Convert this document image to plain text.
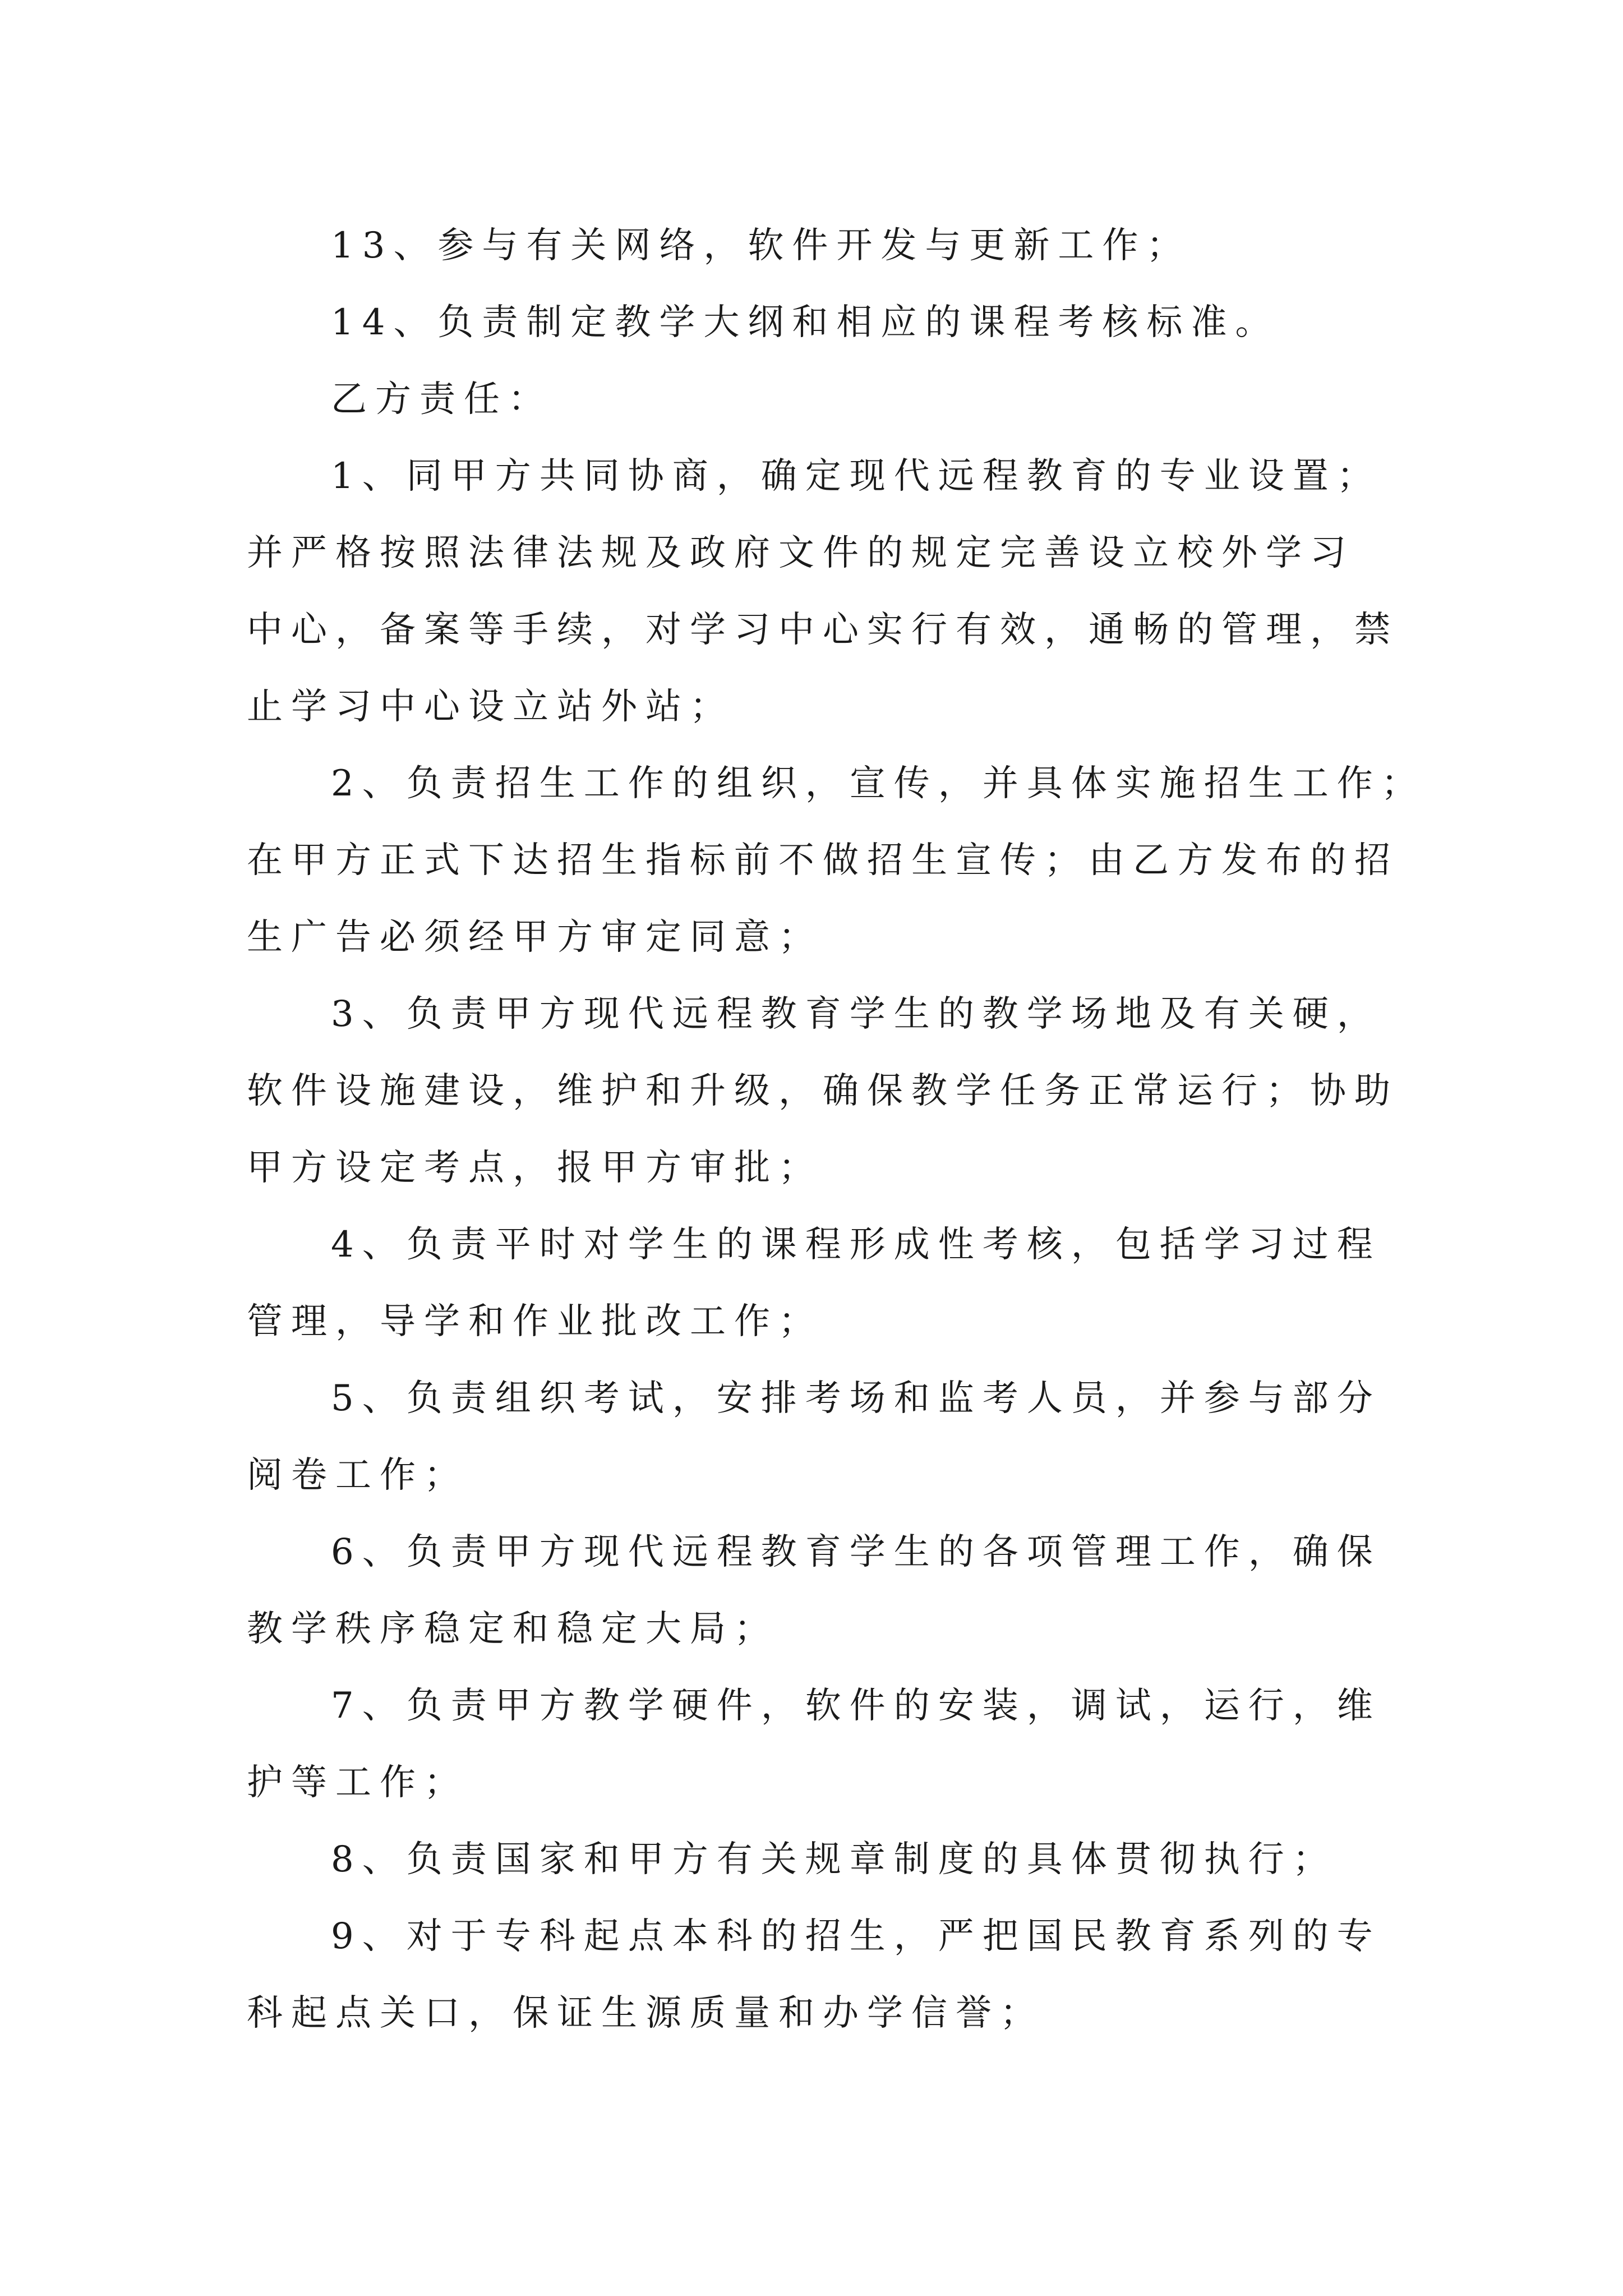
13、参与有关网络，软件开发与更新工作；
14、负责制定教学大纲和相应的课程考核标准。
乙方责任：
1、同甲方共同协商，确定现代远程教育的专业设置；
并严格按照法律法规及政府文件的规定完善设立校外学习
中心，备案等手续，对学习中心实行有效，通畅的管理，禁
止学习中心设立站外站；
2、负责招生工作的组织，宣传，并具体实施招生工作；
在甲方正式下达招生指标前不做招生宣传；由乙方发布的招
生广告必须经甲方审定同意；
3、负责甲方现代远程教育学生的教学场地及有关硬，
软件设施建设，维护和升级，确保教学任务正常运行；协助
甲方设定考点，报甲方审批；
4、负责平时对学生的课程形成性考核，包括学习过程
管理，导学和作业批改工作；
5、负责组织考试，安排考场和监考人员，并参与部分
阅卷工作；
6、负责甲方现代远程教育学生的各项管理工作，确保
教学秩序稳定和稳定大局；
7、负责甲方教学硬件，软件的安装，调试，运行，维
护等工作；
8、负责国家和甲方有关规章制度的具体贯彻执行；
9、对于专科起点本科的招生，严把国民教育系列的专
科起点关口，保证生源质量和办学信誉；
